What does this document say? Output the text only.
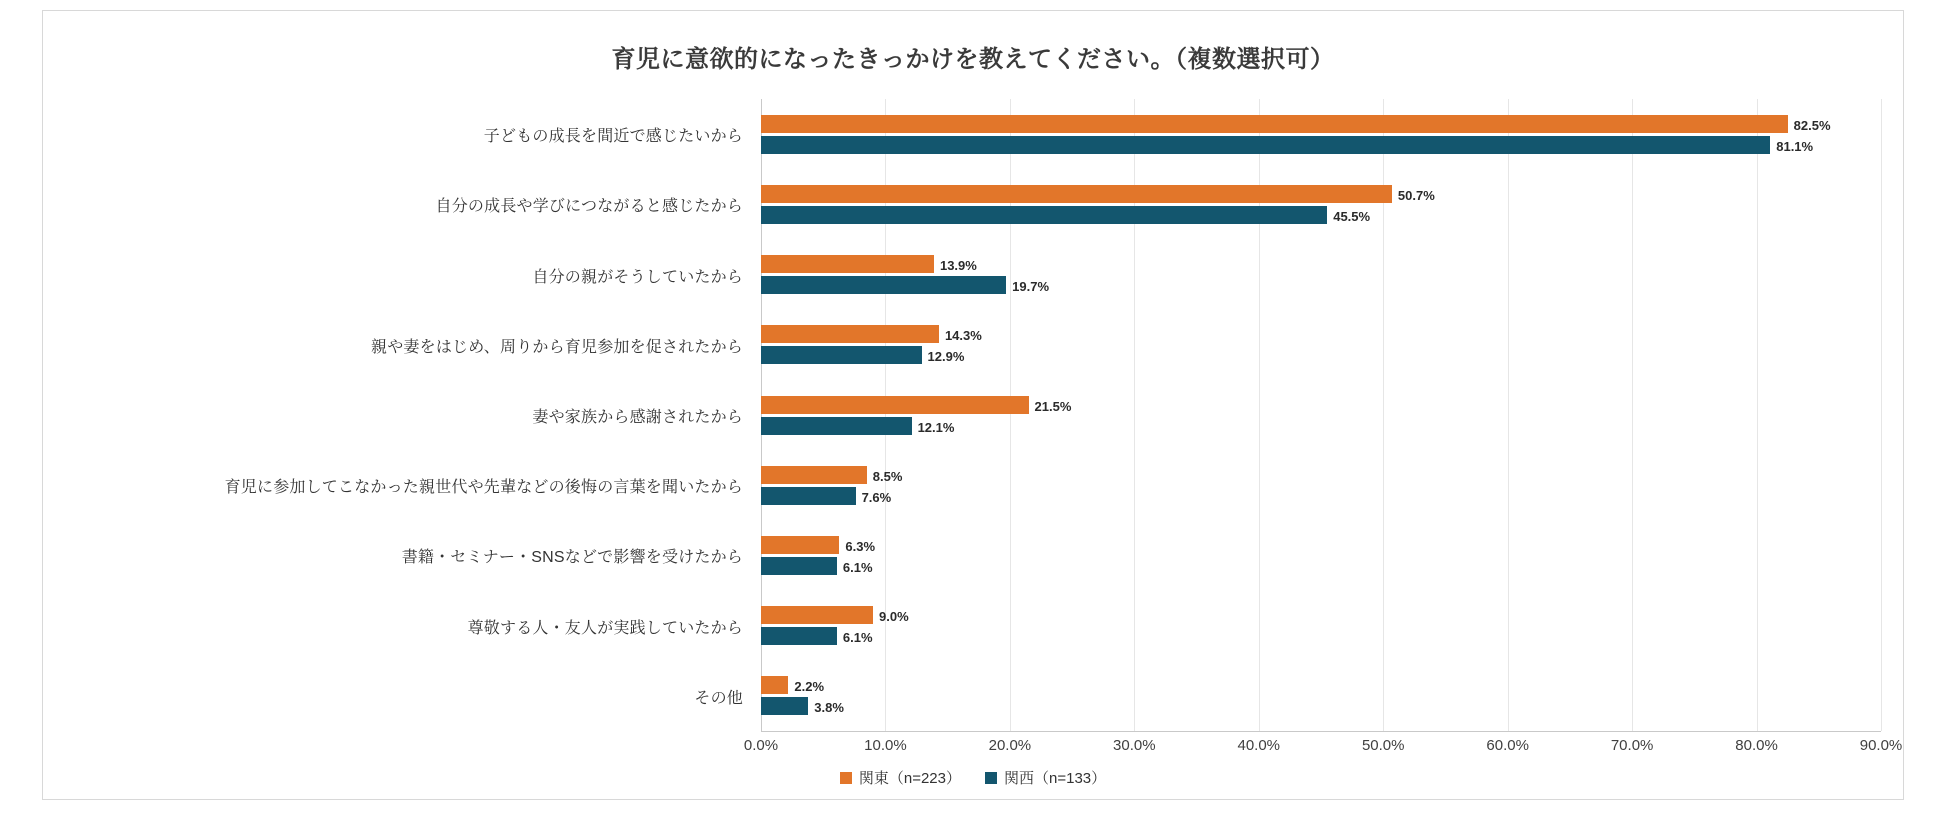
育児に意欲的になったきっかけを教えてください。（複数選択可）
子どもの成長を間近で感じたいから
自分の成長や学びにつながると感じたから
自分の親がそうしていたから
親や妻をはじめ、周りから育児参加を促されたから
妻や家族から感謝されたから
育児に参加してこなかった親世代や先輩などの後悔の言葉を聞いたから
書籍・セミナー・SNSなどで影響を受けたから
尊敬する人・友人が実践していたから
その他
82.5%
81.1%
50.7%
45.5%
13.9%
19.7%
14.3%
12.9%
21.5%
12.1%
8.5%
7.6%
6.3%
6.1%
9.0%
6.1%
2.2%
3.8%
0.0%	10.0%	20.0%	30.0%	40.0%	50.0%	60.0%	70.0%	80.0%	90.0%
関東（n=223）	関西（n=133）
